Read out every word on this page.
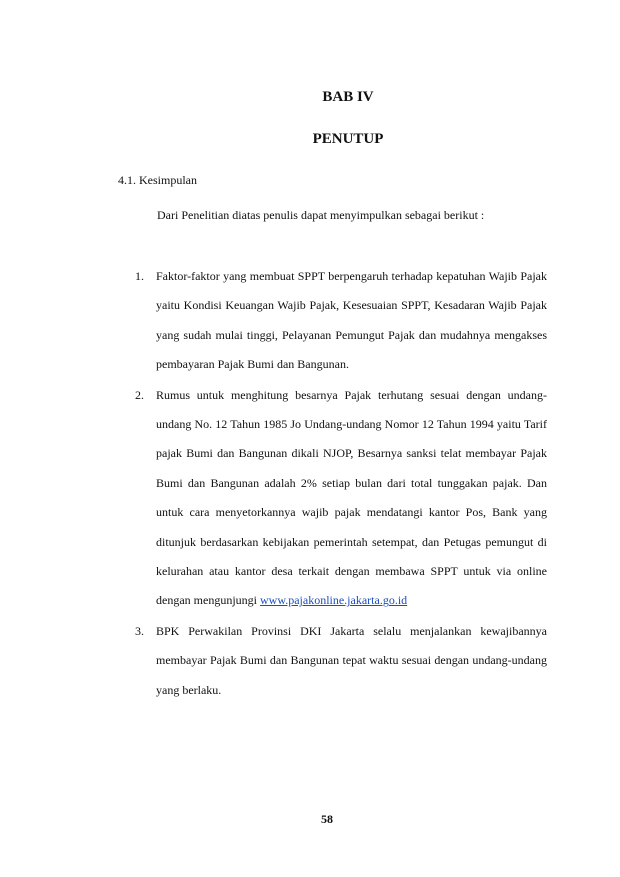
BAB IV
PENUTUP
4.1. Kesimpulan
Dari Penelitian diatas penulis dapat menyimpulkan sebagai berikut :
1.	Faktor-faktor yang membuat SPPT berpengaruh terhadap kepatuhan Wajib Pajak yaitu Kondisi Keuangan Wajib Pajak, Kesesuaian SPPT, Kesadaran Wajib Pajak yang sudah mulai tinggi, Pelayanan Pemungut Pajak dan mudahnya mengakses pembayaran Pajak Bumi dan Bangunan.
2.	Rumus untuk menghitung besarnya Pajak terhutang sesuai dengan undang-undang No. 12 Tahun 1985 Jo Undang-undang Nomor 12 Tahun 1994 yaitu Tarif pajak Bumi dan Bangunan dikali NJOP, Besarnya sanksi telat membayar Pajak Bumi dan Bangunan adalah 2% setiap bulan dari total tunggakan pajak. Dan untuk cara menyetorkannya wajib pajak mendatangi kantor Pos, Bank yang ditunjuk berdasarkan kebijakan pemerintah setempat, dan Petugas pemungut di kelurahan atau kantor desa terkait dengan membawa SPPT untuk via online dengan mengunjungi www.pajakonline.jakarta.go.id
3.	BPK Perwakilan Provinsi DKI Jakarta selalu menjalankan kewajibannya membayar Pajak Bumi dan Bangunan tepat waktu sesuai dengan undang-undang yang berlaku.
58
